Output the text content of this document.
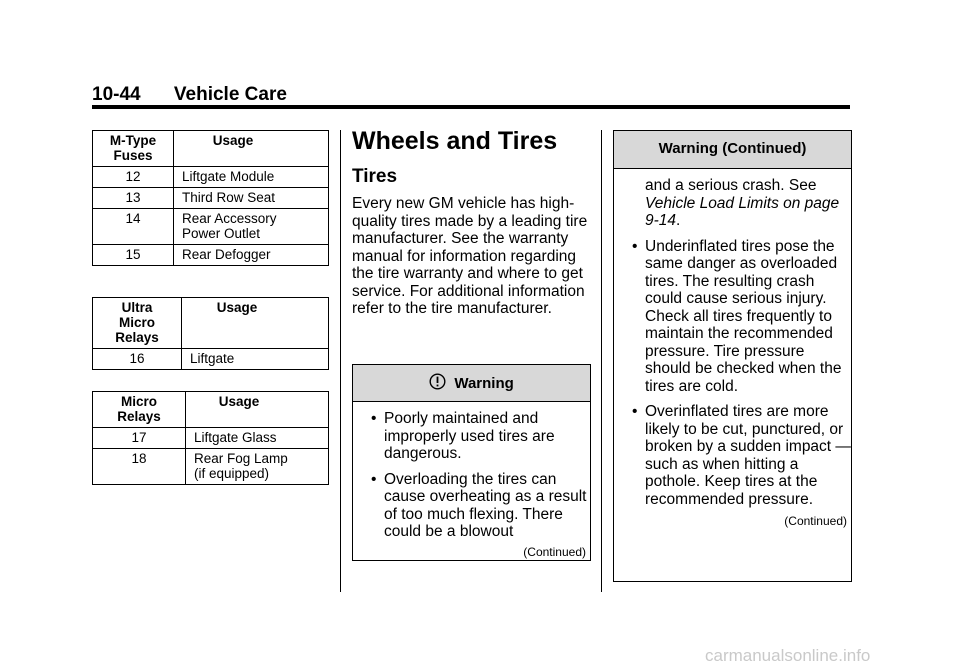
10-44 Vehicle Care
M-Type Fuses	Usage
12	Liftgate Module
13	Third Row Seat
14	Rear Accessory Power Outlet
15	Rear Defogger
Ultra Micro Relays	Usage
16	Liftgate
Micro Relays	Usage
17	Liftgate Glass
18	Rear Fog Lamp (if equipped)
Wheels and Tires
Tires
Every new GM vehicle has high-quality tires made by a leading tire manufacturer. See the warranty manual for information regarding the tire warranty and where to get service. For additional information refer to the tire manufacturer.
Warning
• Poorly maintained and improperly used tires are dangerous.
• Overloading the tires can cause overheating as a result of too much flexing. There could be a blowout
(Continued)
Warning (Continued)
and a serious crash. See Vehicle Load Limits on page 9-14.
• Underinflated tires pose the same danger as overloaded tires. The resulting crash could cause serious injury. Check all tires frequently to maintain the recommended pressure. Tire pressure should be checked when the tires are cold.
• Overinflated tires are more likely to be cut, punctured, or broken by a sudden impact — such as when hitting a pothole. Keep tires at the recommended pressure.
(Continued)
carmanualsonline.info
